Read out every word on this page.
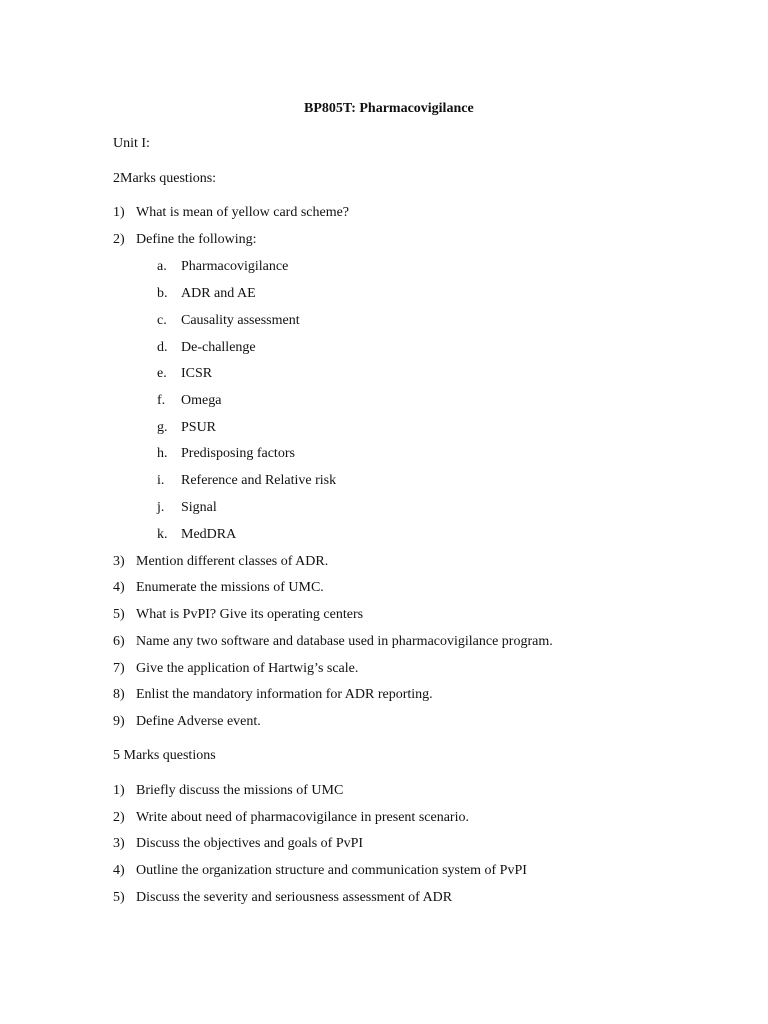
BP805T: Pharmacovigilance
Unit I:
2Marks questions:
1) What is mean of yellow card scheme?
2) Define the following:
a. Pharmacovigilance
b. ADR and AE
c. Causality assessment
d. De-challenge
e. ICSR
f. Omega
g. PSUR
h. Predisposing factors
i. Reference and Relative risk
j. Signal
k. MedDRA
3) Mention different classes of ADR.
4) Enumerate the missions of UMC.
5) What is PvPI? Give its operating centers
6) Name any two software and database used in pharmacovigilance program.
7) Give the application of Hartwig’s scale.
8) Enlist the mandatory information for ADR reporting.
9) Define Adverse event.
5 Marks questions
1) Briefly discuss the missions of UMC
2) Write about need of pharmacovigilance in present scenario.
3) Discuss the objectives and goals of PvPI
4) Outline the organization structure and communication system of PvPI
5) Discuss the severity and seriousness assessment of ADR
